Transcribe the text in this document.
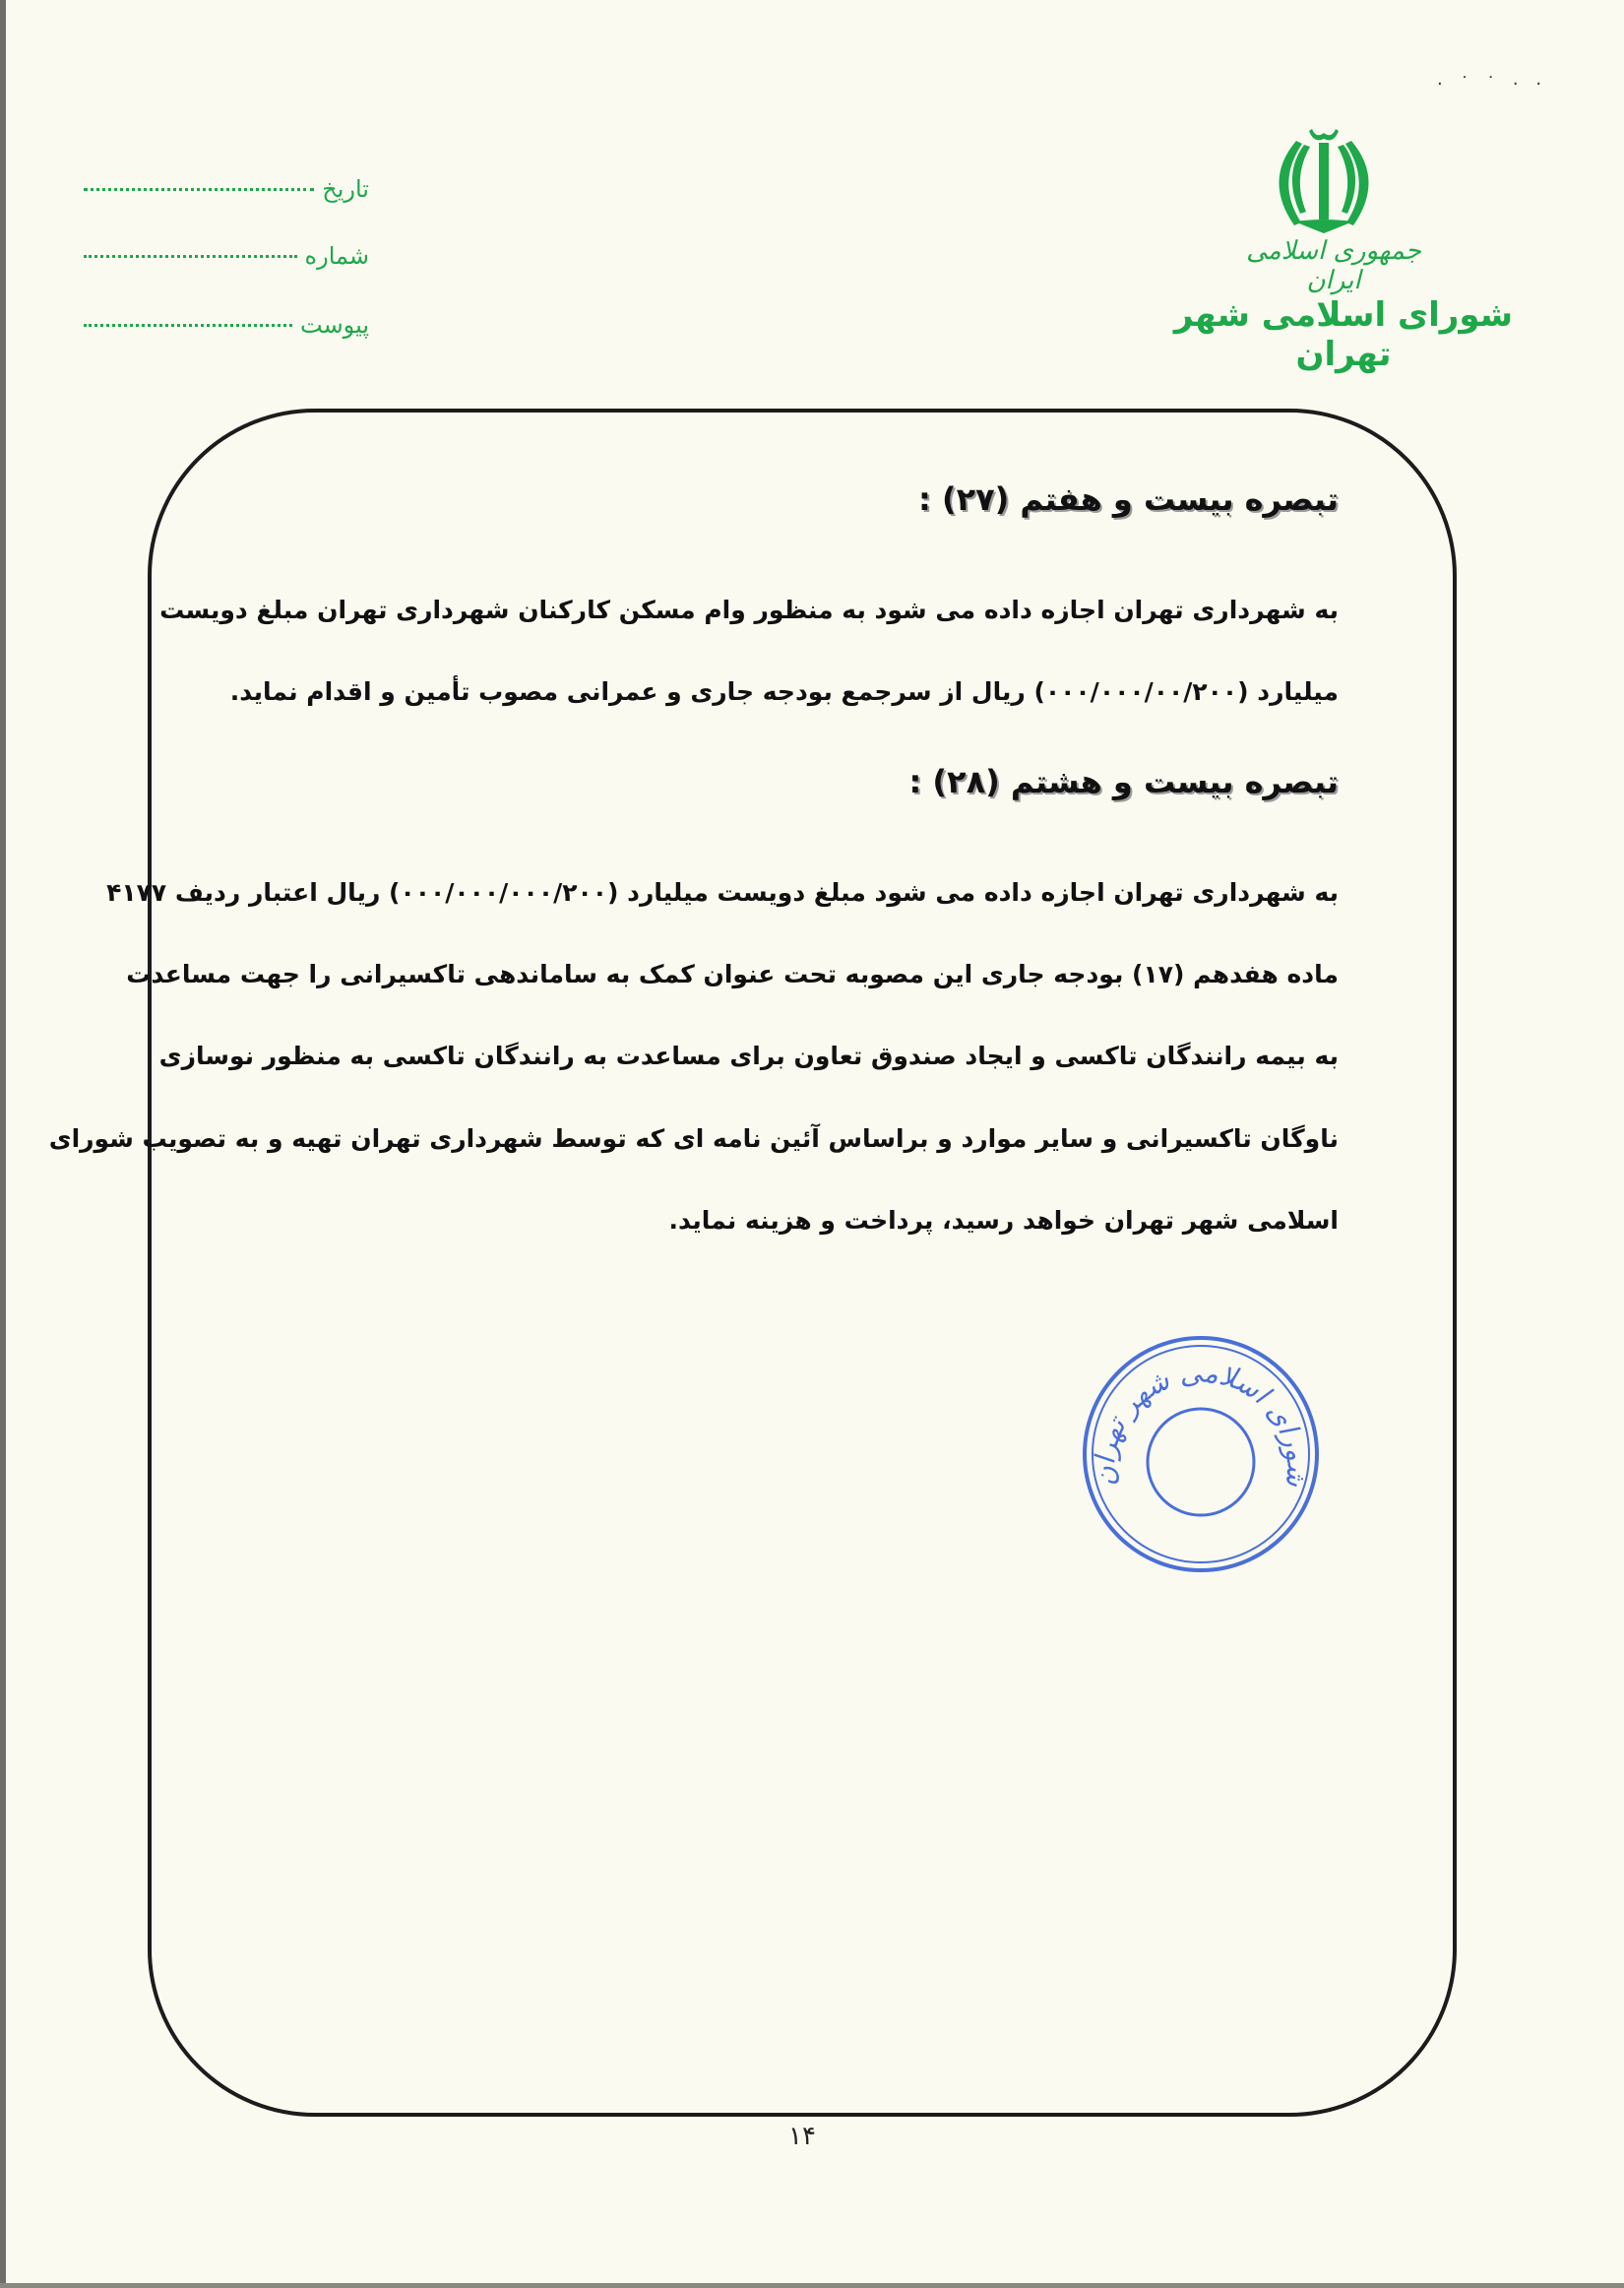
· ˙ ˙ · ·
جمهوری اسلامی ایران
شورای اسلامی شهر تهران
تاریخ
شماره
پیوست
تبصره بیست و هفتم (۲۷) :
به شهرداری تهران اجازه داده می شود به منظور وام مسکن کارکنان شهرداری تهران مبلغ دویست
میلیارد (۰۰۰/۰۰۰/۰۰/۲۰۰) ریال از سرجمع بودجه جاری و عمرانی مصوب تأمین و اقدام نماید.
تبصره بیست و هشتم (۲۸) :
به شهرداری تهران اجازه داده می شود مبلغ دویست میلیارد (۰۰۰/۰۰۰/۰۰۰/۲۰۰) ریال اعتبار ردیف ۴۱۷۷
ماده هفدهم (۱۷) بودجه جاری این مصوبه تحت عنوان کمک به ساماندهی تاکسیرانی را جهت مساعدت
به بیمه رانندگان تاکسی و ایجاد صندوق تعاون برای مساعدت به رانندگان تاکسی به منظور نوسازی
ناوگان تاکسیرانی و سایر موارد و براساس آئین نامه ای که توسط شهرداری تهران تهیه و به تصویب شورای
اسلامی شهر تهران خواهد رسید، پرداخت و هزینه نماید.
شورای اسلامی شهر تهران
۱۴
